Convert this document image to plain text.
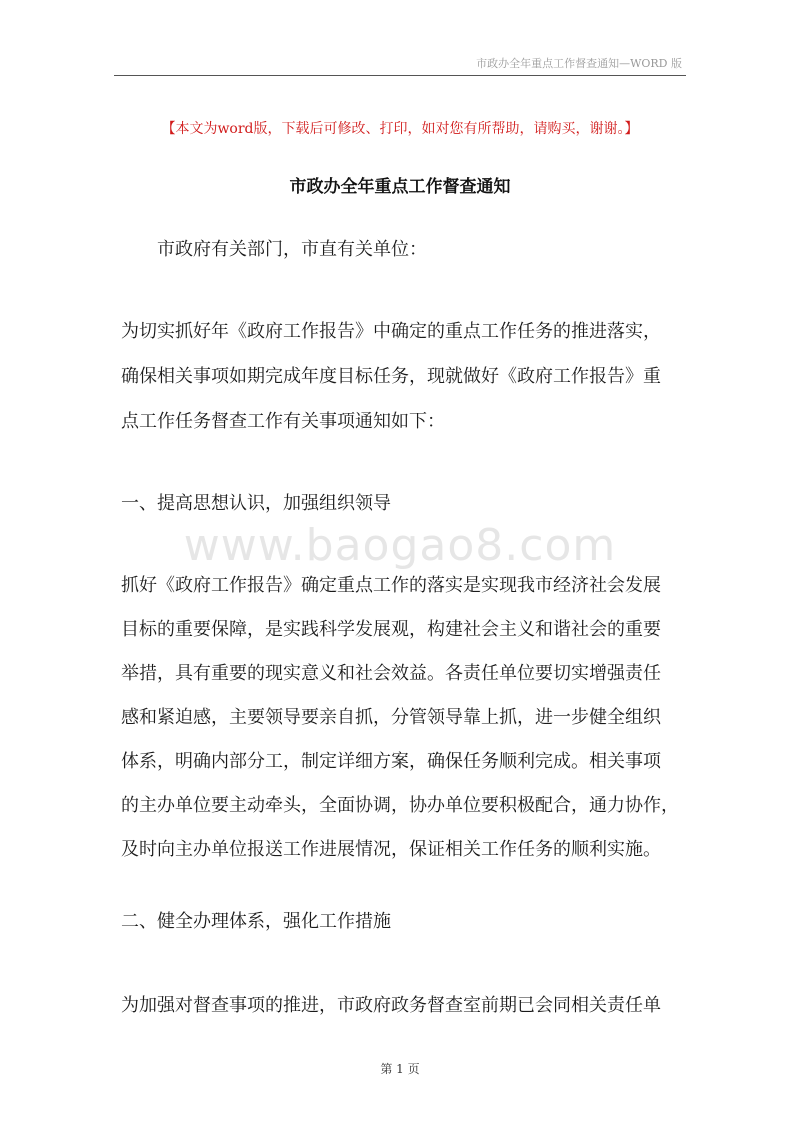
市政办全年重点工作督查通知—WORD 版
【本文为word版，下载后可修改、打印，如对您有所帮助，请购买，谢谢。】
市政办全年重点工作督查通知
市政府有关部门，市直有关单位：
为切实抓好年《政府工作报告》中确定的重点工作任务的推进落实，
确保相关事项如期完成年度目标任务，现就做好《政府工作报告》重
点工作任务督查工作有关事项通知如下：
一、提高思想认识，加强组织领导
www.baogao8.com
抓好《政府工作报告》确定重点工作的落实是实现我市经济社会发展
目标的重要保障，是实践科学发展观，构建社会主义和谐社会的重要
举措，具有重要的现实意义和社会效益。各责任单位要切实增强责任
感和紧迫感，主要领导要亲自抓，分管领导靠上抓，进一步健全组织
体系，明确内部分工，制定详细方案，确保任务顺利完成。相关事项
的主办单位要主动牵头，全面协调，协办单位要积极配合，通力协作，
及时向主办单位报送工作进展情况，保证相关工作任务的顺利实施。
二、健全办理体系，强化工作措施
为加强对督查事项的推进，市政府政务督查室前期已会同相关责任单
第 1 页
